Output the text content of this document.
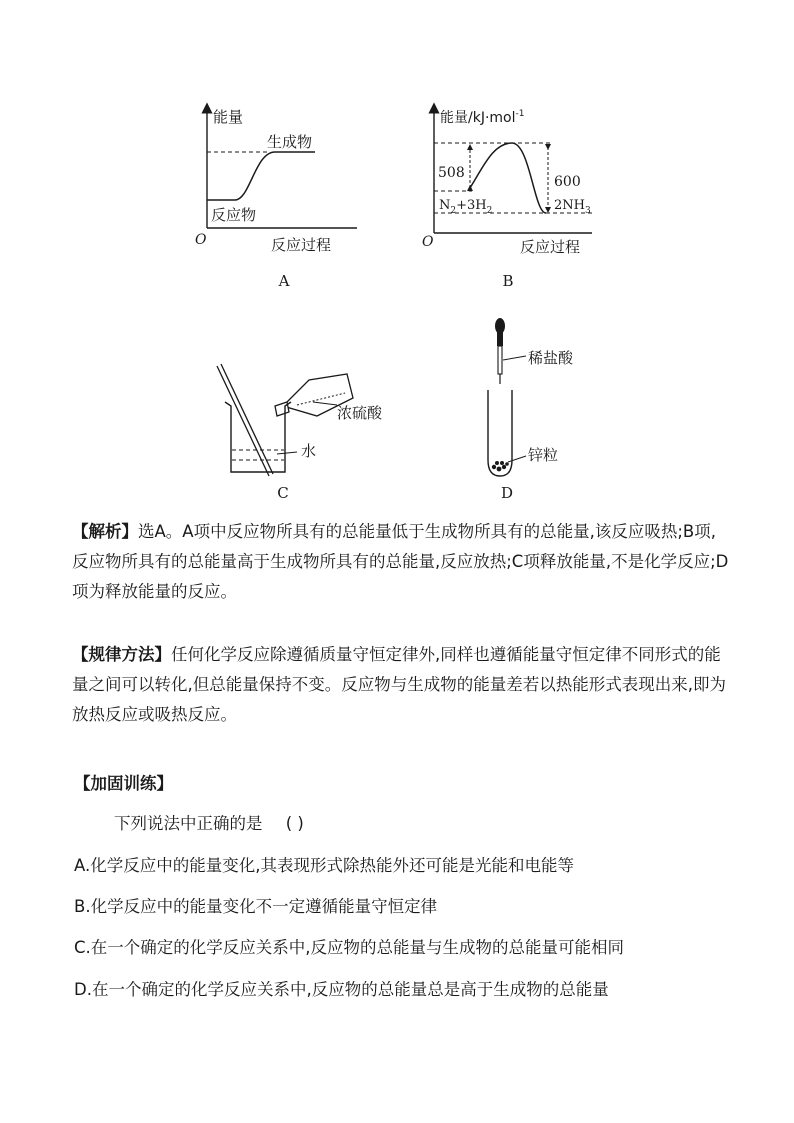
能量
生成物
反应物
O	反应过程
A
能量/kJ·mol$^{-1}$
508
600
$N_2+3H_2$	$2NH_3$
O	反应过程
B
浓硫酸
水
C
稀盐酸
锌粒
D
【解析】选A。A项中反应物所具有的总能量低于生成物所具有的总能量,该反应吸热;B项,反应物所具有的总能量高于生成物所具有的总能量,反应放热;C项释放能量,不是化学反应;D项为释放能量的反应。
【规律方法】任何化学反应除遵循质量守恒定律外,同样也遵循能量守恒定律不同形式的能量之间可以转化,但总能量保持不变。反应物与生成物的能量差若以热能形式表现出来,即为放热反应或吸热反应。
【加固训练】
下列说法中正确的是 ( )
A.化学反应中的能量变化,其表现形式除热能外还可能是光能和电能等
B.化学反应中的能量变化不一定遵循能量守恒定律
C.在一个确定的化学反应关系中,反应物的总能量与生成物的总能量可能相同
D.在一个确定的化学反应关系中,反应物的总能量总是高于生成物的总能量
